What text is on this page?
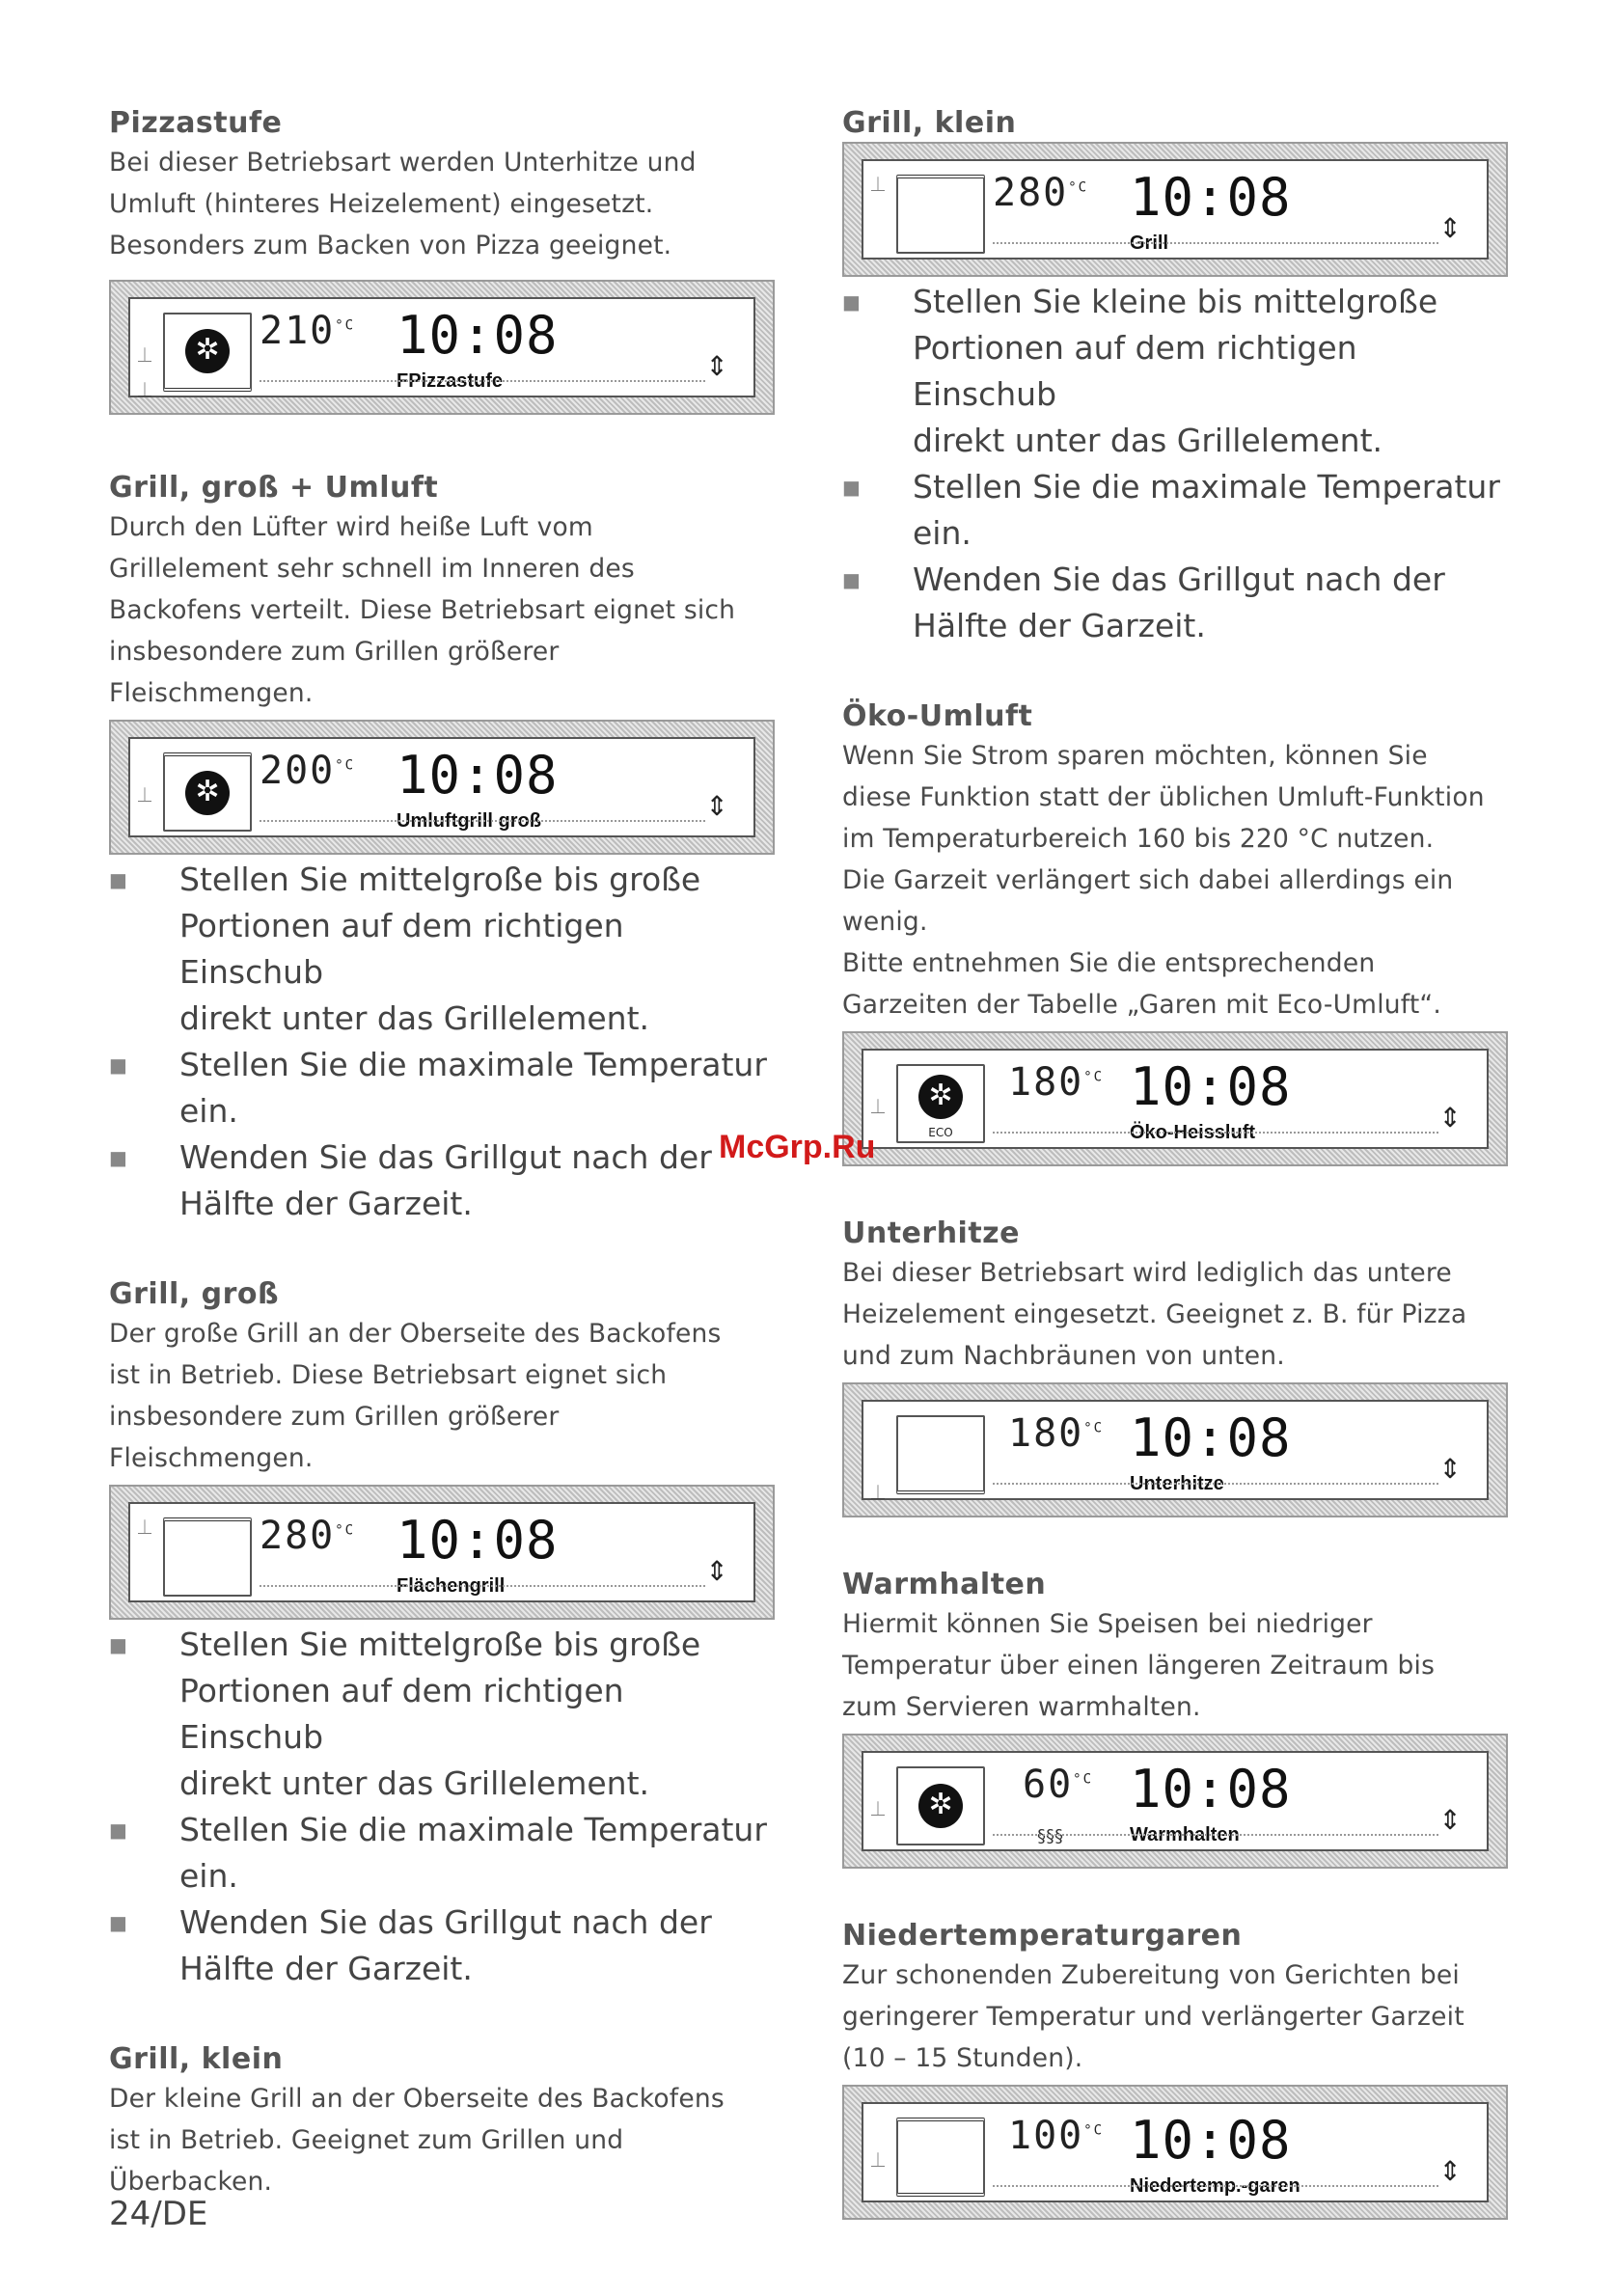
Pizzastufe

Bei dieser Betriebsart werden Unterhitze und
Umluft (hinteres Heizelement) eingesetzt.
Besonders zum Backen von Pizza geeignet.

⏊
⏊
✲ $210^{^\circ C}$ 10:08
FPizzastufe	⇕
Grill, groß + Umluft

Durch den Lüfter wird heiße Luft vom
Grillelement sehr schnell im Inneren des
Backofens verteilt. Diese Betriebsart eignet sich
insbesondere zum Grillen größerer
Fleischmengen.

⏊	✲ $200^{^\circ C}$ 10:08
Umluftgrill groß	⇕
■ Stellen Sie mittelgroße bis große
Portionen auf dem richtigen Einschub
direkt unter das Grillelement.
■ Stellen Sie die maximale Temperatur
ein.
■ Wenden Sie das Grillgut nach der
Hälfte der Garzeit.
Grill, groß

Der große Grill an der Oberseite des Backofens
ist in Betrieb. Diese Betriebsart eignet sich
insbesondere zum Grillen größerer
Fleischmengen.

⏊	$280^{^\circ C}$ 10:08
Flächengrill	⇕
■ Stellen Sie mittelgroße bis große
Portionen auf dem richtigen Einschub
direkt unter das Grillelement.
■ Stellen Sie die maximale Temperatur
ein.
■ Wenden Sie das Grillgut nach der
Hälfte der Garzeit.
Grill, klein

Der kleine Grill an der Oberseite des Backofens
ist in Betrieb. Geeignet zum Grillen und
Überbacken.

Grill, klein
⏊	$280^{^\circ C}$ 10:08
Grill	⇕
■ Stellen Sie kleine bis mittelgroße
Portionen auf dem richtigen Einschub
direkt unter das Grillelement.
■ Stellen Sie die maximale Temperatur
ein.
■ Wenden Sie das Grillgut nach der
Hälfte der Garzeit.
Öko-Umluft

Wenn Sie Strom sparen möchten, können Sie
diese Funktion statt der üblichen Umluft-Funktion
im Temperaturbereich 160 bis 220 °C nutzen.
Die Garzeit verlängert sich dabei allerdings ein
wenig.
Bitte entnehmen Sie die entsprechenden
Garzeiten der Tabelle „Garen mit Eco-Umluft“.

⏊	✲
ECO
$180^{^\circ C}$ 10:08
Öko-Heissluft	⇕
Unterhitze

Bei dieser Betriebsart wird lediglich das untere
Heizelement eingesetzt. Geeignet z. B. für Pizza
und zum Nachbräunen von unten.

⏊
$180^{^\circ C}$ 10:08
Unterhitze	⇕
Warmhalten

Hiermit können Sie Speisen bei niedriger
Temperatur über einen längeren Zeitraum bis
zum Servieren warmhalten.

⏊	✲ $60^{^\circ C}$
§§§
10:08
Warmhalten	⇕
Niedertemperaturgaren

Zur schonenden Zubereitung von Gerichten bei
geringerer Temperatur und verlängerter Garzeit
(10 – 15 Stunden).

⏊
$100^{^\circ C}$ 10:08
Niedertemp.-garen	⇕
McGrp.Ru
24/DE
